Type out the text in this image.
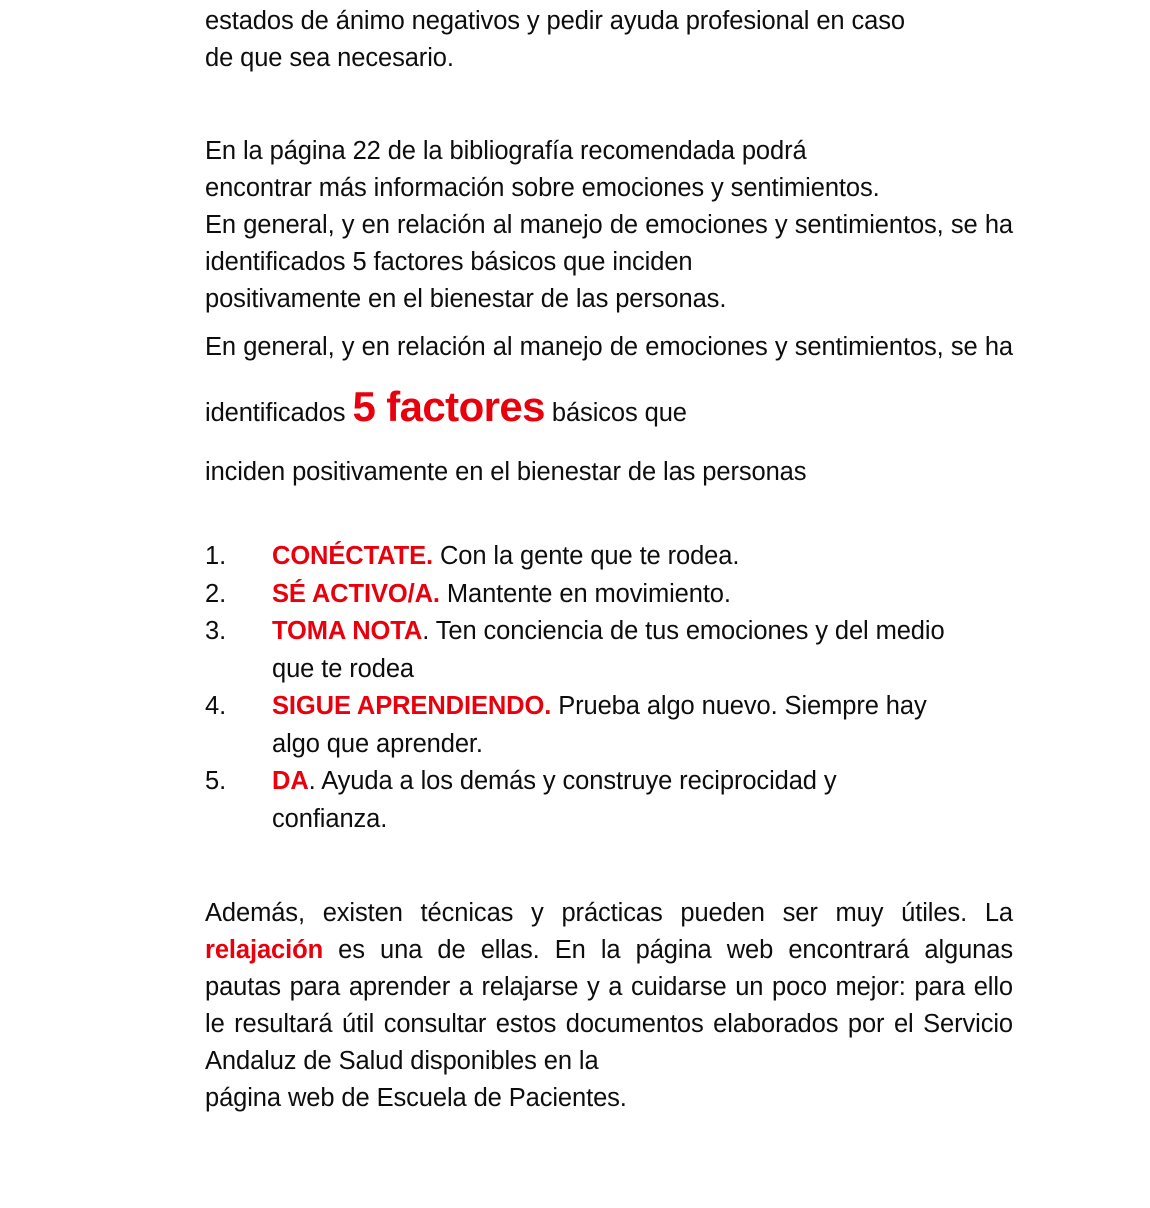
estados de ánimo negativos y pedir ayuda profesional en caso
de que sea necesario.

En la página 22 de la bibliografía recomendada podrá
encontrar más información sobre emociones y sentimientos.

En general, y en relación al manejo de emociones y sentimientos, se ha identificados 5 factores básicos que inciden
positivamente en el bienestar de las personas.

En general, y en relación al manejo de emociones y sentimientos, se ha identificados 5 factores básicos que
inciden positivamente en el bienestar de las personas

1.	CONÉCTATE. Con la gente que te rodea.
2.	SÉ ACTIVO/A. Mantente en movimiento.
3.	TOMA NOTA. Ten conciencia de tus emociones y del medio
que te rodea
4.	SIGUE APRENDIENDO. Prueba algo nuevo. Siempre hay
algo que aprender.
5.	DA. Ayuda a los demás y construye reciprocidad y
confianza.

Además, existen técnicas y prácticas pueden ser muy útiles. La relajación es una de ellas. En la página web encontrará algunas pautas para aprender a relajarse y a cuidarse un poco mejor: para ello le resultará útil consultar estos documentos elaborados por el Servicio Andaluz de Salud disponibles en la
página web de Escuela de Pacientes.
